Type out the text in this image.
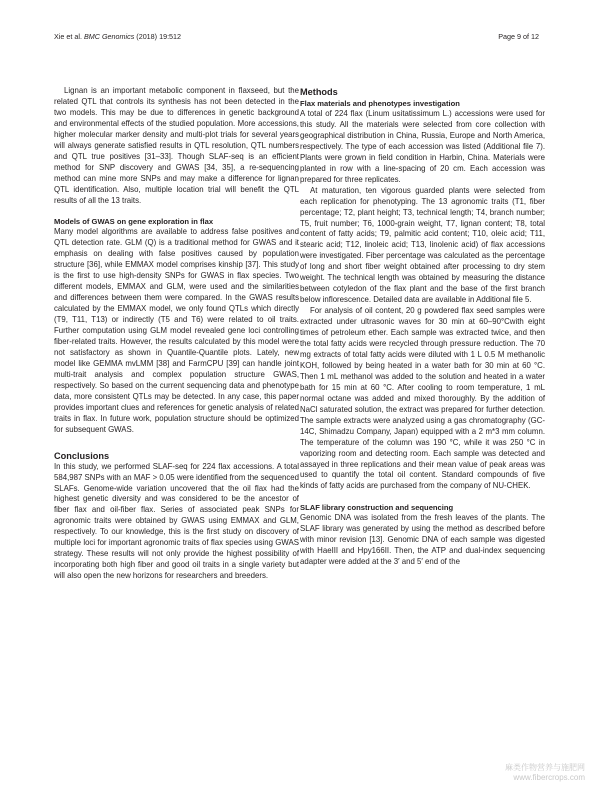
Xie et al. BMC Genomics (2018) 19:512	Page 9 of 12

Lignan is an important metabolic component in flaxseed, but the related QTL that controls its synthesis has not been detected in the two models. This may be due to differences in genetic background and environmental effects of the studied population. More accessions, higher molecular marker density and multi-plot trials for several years will always generate satisfied results in QTL resolution, QTL numbers and QTL true positives [31–33]. Though SLAF-seq is an efficient method for SNP discovery and GWAS [34, 35], a re-sequencing method can mine more SNPs and may make a difference for lignan QTL identification. Also, multiple location trial will benefit the QTL results of all the 13 traits.

Models of GWAS on gene exploration in flax

Many model algorithms are available to address false positives and QTL detection rate. GLM (Q) is a traditional method for GWAS and it emphasis on dealing with false positives caused by population structure [36], while EMMAX model comprises kinship [37]. This study is the first to use high-density SNPs for GWAS in flax species. Two different models, EMMAX and GLM, were used and the similarities and differences between them were compared. In the GWAS results calculated by the EMMAX model, we only found QTLs which directly (T9, T11, T13) or indirectly (T5 and T6) were related to oil traits. Further computation using GLM model revealed gene loci controlling fiber-related traits. However, the results calculated by this model were not satisfactory as shown in Quantile-Quantile plots. Lately, new model like GEMMA mvLMM [38] and FarmCPU [39] can handle joint multi-trait analysis and complex population structure GWAS, respectively. So based on the current sequencing data and phenotype data, more consistent QTLs may be detected. In any case, this paper provides important clues and references for genetic analysis of related traits in flax. In future work, population structure should be optimized for subsequent GWAS.

Conclusions

In this study, we performed SLAF-seq for 224 flax accessions. A total 584,987 SNPs with an MAF > 0.05 were identified from the sequenced SLAFs. Genome-wide variation uncovered that the oil flax had the highest genetic diversity and was considered to be the ancestor of fiber flax and oil-fiber flax. Series of associated peak SNPs for agronomic traits were obtained by GWAS using EMMAX and GLM, respectively. To our knowledge, this is the first study on discovery of multiple loci for important agronomic traits of flax species using GWAS strategy. These results will not only provide the highest possibility of incorporating both high fiber and good oil traits in a single variety but will also open the new horizons for researchers and breeders.

Methods
Flax materials and phenotypes investigation

A total of 224 flax (Linum usitatissimum L.) accessions were used for this study. All the materials were selected from core collection with geographical distribution in China, Russia, Europe and North America, respectively. The type of each accession was listed (Additional file 7). Plants were grown in field condition in Harbin, China. Materials were planted in row with a line-spacing of 20 cm. Each accession was prepared for three replicates.

At maturation, ten vigorous guarded plants were selected from each replication for phenotyping. The 13 agronomic traits (T1, fiber percentage; T2, plant height; T3, technical length; T4, branch number; T5, fruit number; T6, 1000-grain weight, T7, lignan content; T8, total content of fatty acids; T9, palmitic acid content; T10, oleic acid; T11, stearic acid; T12, linoleic acid; T13, linolenic acid) of flax accessions were investigated. Fiber percentage was calculated as the percentage of long and short fiber weight obtained after processing to dry stem weight. The technical length was obtained by measuring the distance between cotyledon of the flax plant and the base of the first branch below inflorescence. Detailed data are available in Additional file 5.

For analysis of oil content, 20 g powdered flax seed samples were extracted under ultrasonic waves for 30 min at 60–90°Cwith eight times of petroleum ether. Each sample was extracted twice, and then the total fatty acids were recycled through pressure reduction. The 70 mg extracts of total fatty acids were diluted with 1 L 0.5 M methanolic KOH, followed by being heated in a water bath for 30 min at 60 °C. Then 1 mL methanol was added to the solution and heated in a water bath for 15 min at 60 °C. After cooling to room temperature, 1 mL normal octane was added and mixed thoroughly. By the addition of NaCl saturated solution, the extract was prepared for further detection. The sample extracts were analyzed using a gas chromatography (GC-14C, Shimadzu Company, Japan) equipped with a 2 m*3 mm column. The temperature of the column was 190 °C, while it was 250 °C in vaporizing room and detecting room. Each sample was detected and assayed in three replications and their mean value of peak areas was used to quantify the total oil content. Standard compounds of five kinds of fatty acids are purchased from the company of NU-CHEK.

SLAF library construction and sequencing

Genomic DNA was isolated from the fresh leaves of the plants. The SLAF library was generated by using the method as described before with minor revision [13]. Genomic DNA of each sample was digested with HaeIII and Hpy166II. Then, the ATP and dual-index sequencing adapter were added at the 3′ and 5′ end of the

麻类作物营养与施肥网
www.fibercrops.com
